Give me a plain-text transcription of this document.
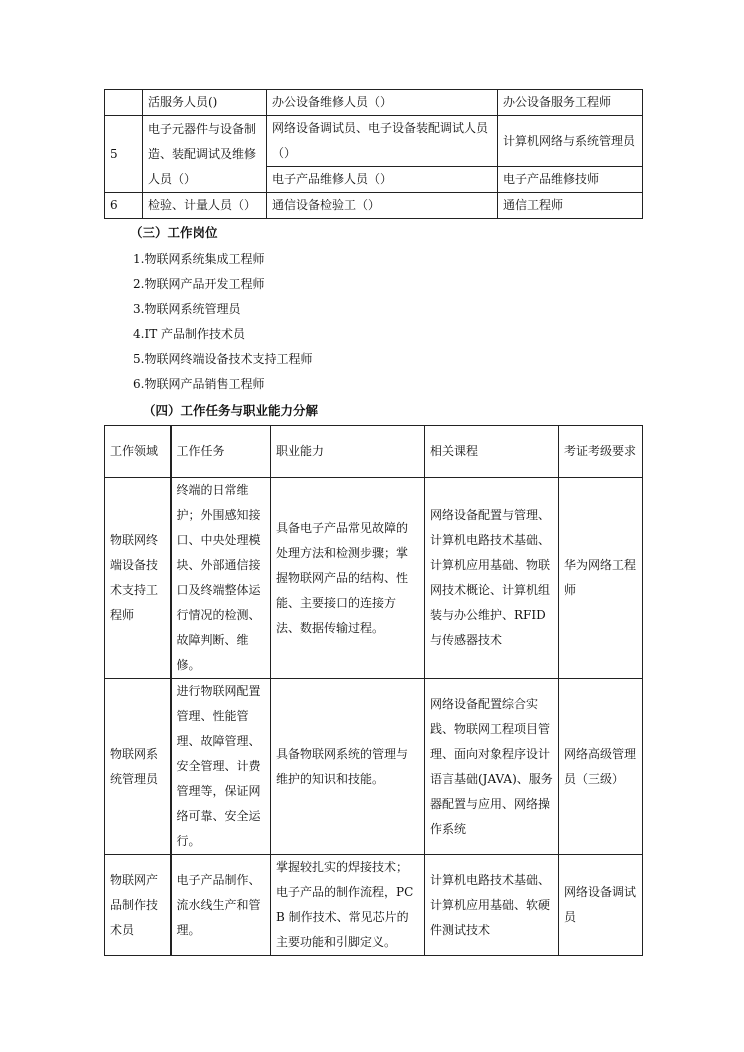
	活服务人员()	办公设备维修人员（）	办公设备服务工程师
5	电子元器件与设备制造、装配调试及维修人员（）	网络设备调试员、电子设备装配调试人员（）	计算机网络与系统管理员
		电子产品维修人员（）	电子产品维修技师
6	检验、计量人员（）	通信设备检验工（）	通信工程师
（三）工作岗位
1.物联网系统集成工程师
2.物联网产品开发工程师
3.物联网系统管理员
4.IT 产品制作技术员
5.物联网终端设备技术支持工程师
6.物联网产品销售工程师
（四）工作任务与职业能力分解
工作领域	工作任务	职业能力	相关课程	考证考级要求
物联网终端设备技术支持工程师	终端的日常维护；外围感知接口、中央处理模块、外部通信接口及终端整体运行情况的检测、故障判断、维修。	具备电子产品常见故障的处理方法和检测步骤；掌握物联网产品的结构、性能、主要接口的连接方法、数据传输过程。	网络设备配置与管理、计算机电路技术基础、计算机应用基础、物联网技术概论、计算机组装与办公维护、RFID与传感器技术	华为网络工程师
物联网系统管理员	进行物联网配置管理、性能管理、故障管理、安全管理、计费管理等，保证网络可靠、安全运行。	具备物联网系统的管理与维护的知识和技能。	网络设备配置综合实践、物联网工程项目管理、面向对象程序设计语言基础(JAVA)、服务器配置与应用、网络操作系统	网络高级管理员（三级）
物联网产品制作技术员	电子产品制作、流水线生产和管理。	掌握较扎实的焊接技术；电子产品的制作流程，PCB 制作技术、常见芯片的主要功能和引脚定义。	计算机电路技术基础、计算机应用基础、软硬件测试技术	网络设备调试员
